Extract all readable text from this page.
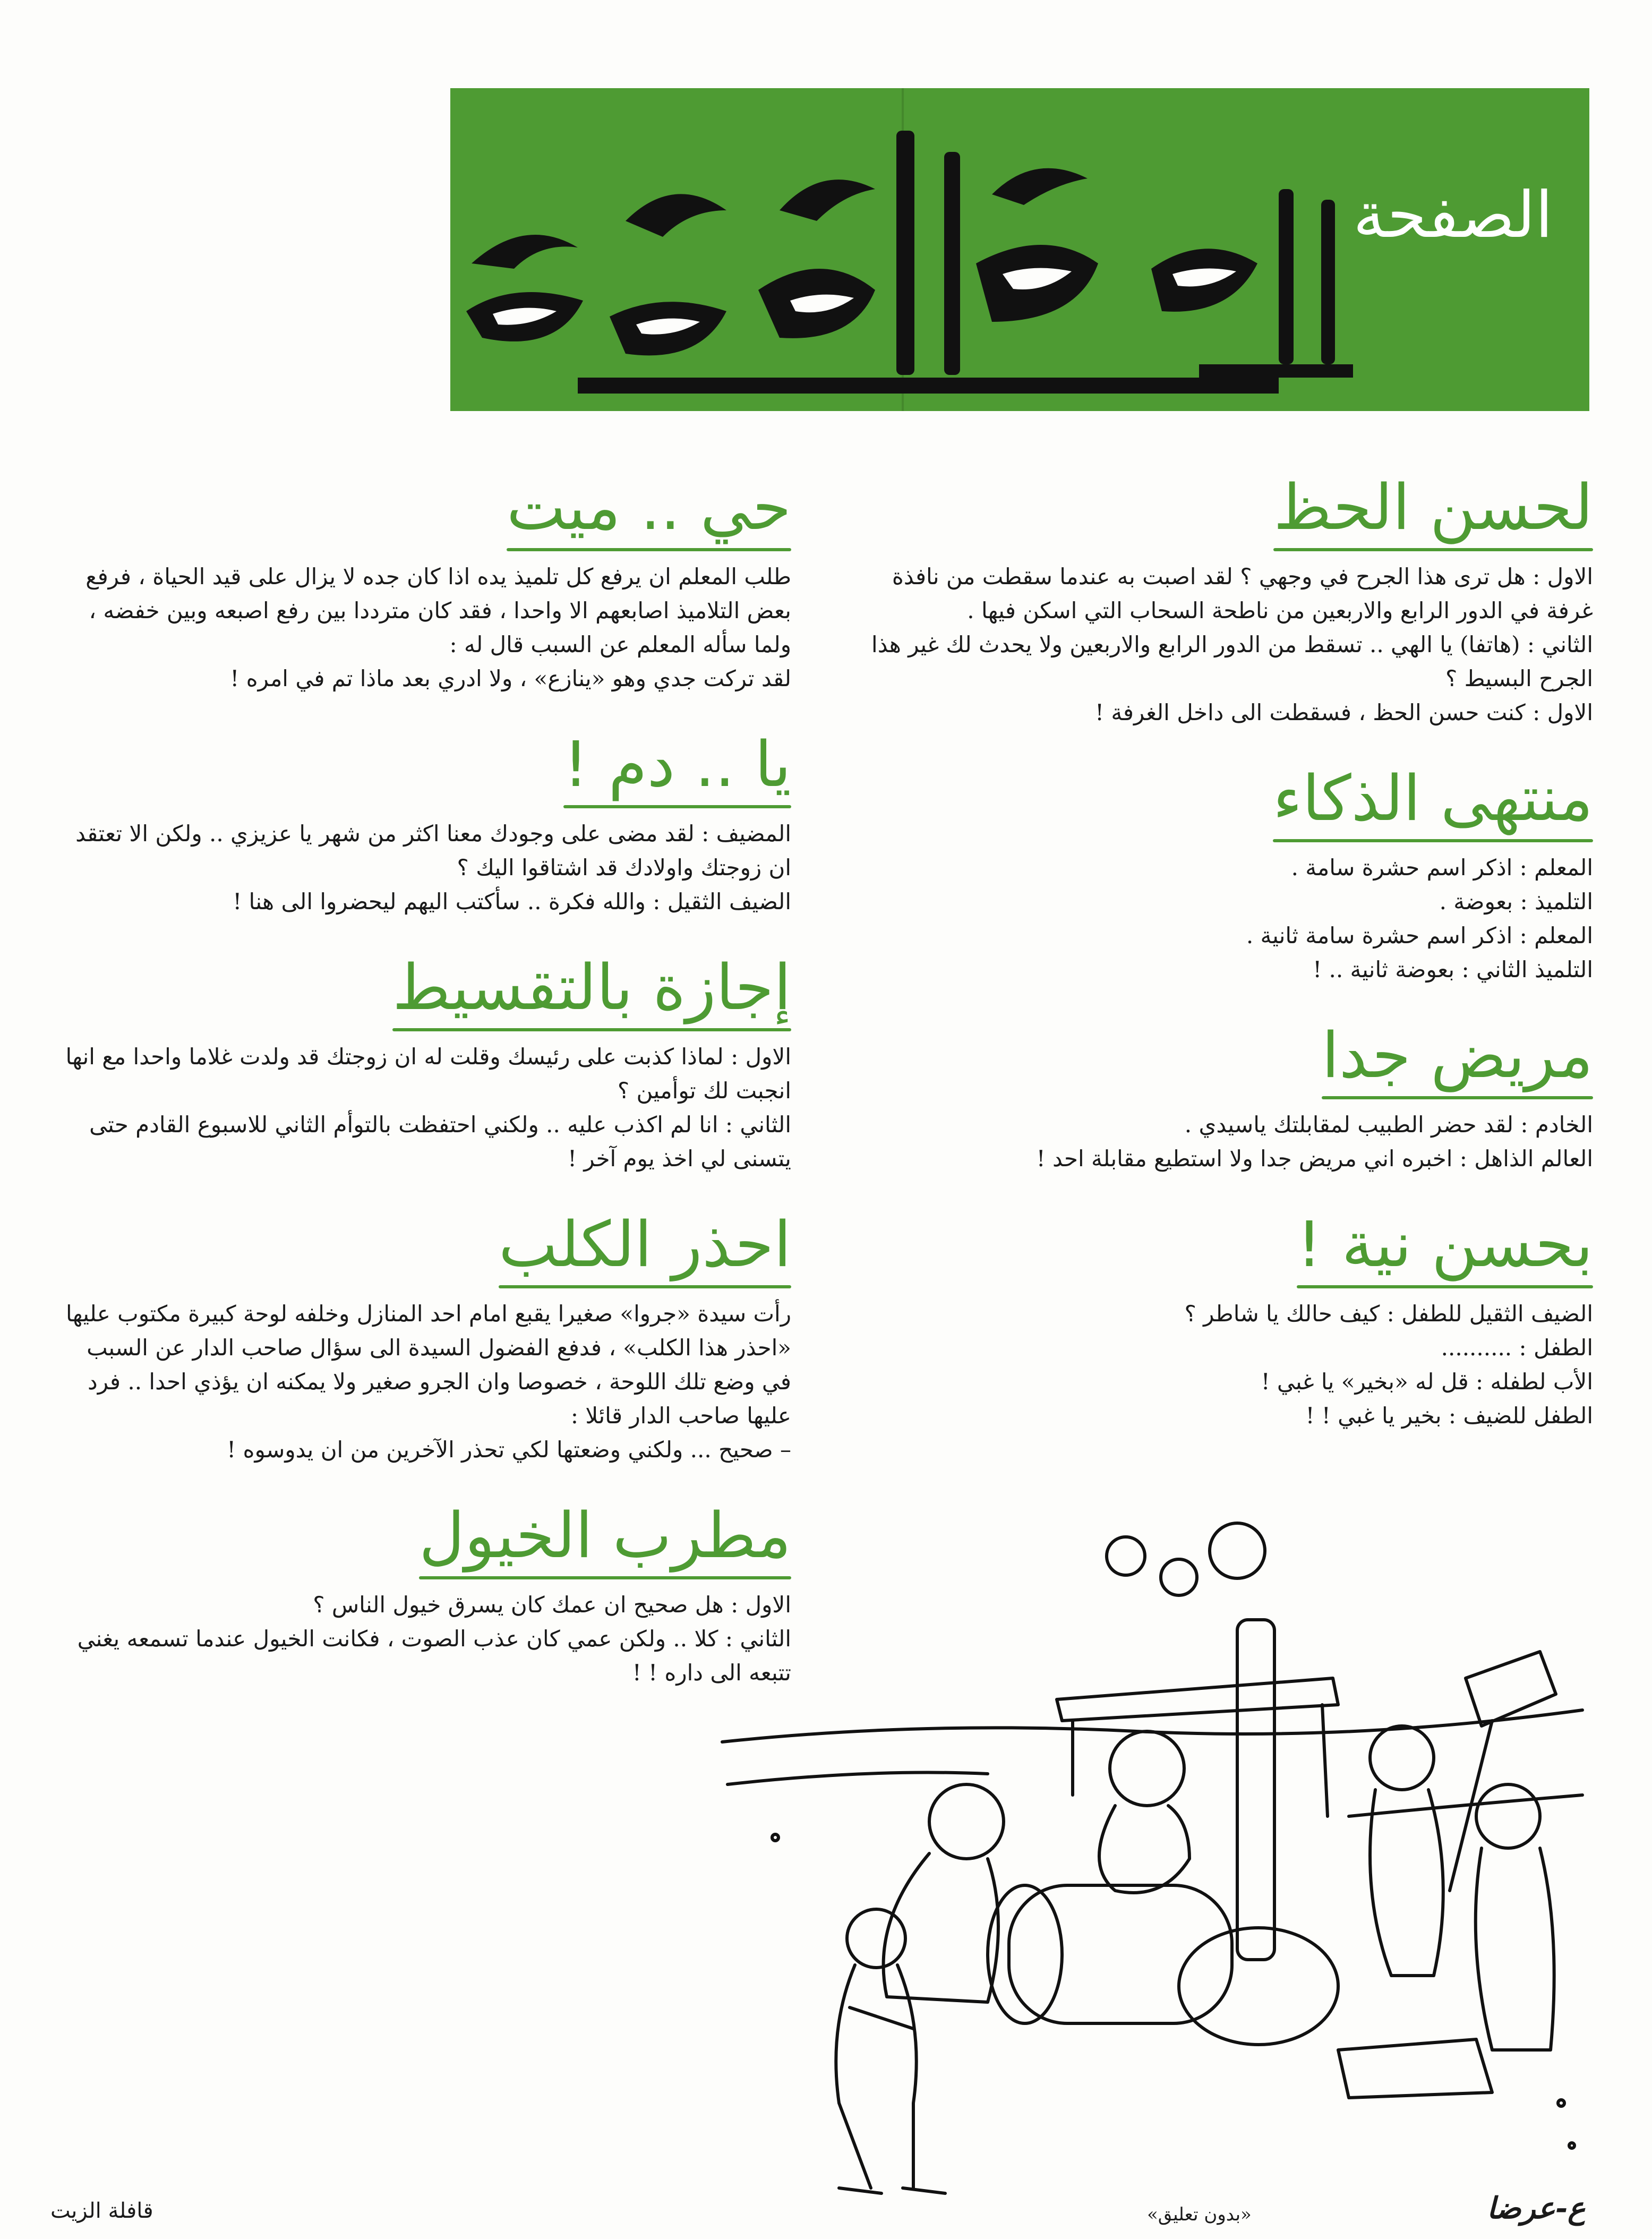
الصفحة
لحسن الحظ

الاول : هل ترى هذا الجرح في وجهي ؟ لقد اصبت به عندما سقطت من نافذة غرفة في الدور الرابع والاربعين من ناطحة السحاب التي اسكن فيها .

الثاني : (هاتفا) يا الهي .. تسقط من الدور الرابع والاربعين ولا يحدث لك غير هذا الجرح البسيط ؟

الاول : كنت حسن الحظ ، فسقطت الى داخل الغرفة !

منتهى الذكاء

المعلم : اذكر اسم حشرة سامة .

التلميذ : بعوضة .

المعلم : اذكر اسم حشرة سامة ثانية .

التلميذ الثاني : بعوضة ثانية .. !

مريض جدا

الخادم : لقد حضر الطبيب لمقابلتك ياسيدي .

العالم الذاهل : اخبره اني مريض جدا ولا استطيع مقابلة احد !

بحسن نية !

الضيف الثقيل للطفل : كيف حالك يا شاطر ؟

الطفل : ..........

الأب لطفله : قل له «بخير» يا غبي !

الطفل للضيف : بخير يا غبي ! !

حي .. ميت

طلب المعلم ان يرفع كل تلميذ يده اذا كان جده لا يزال على قيد الحياة ، فرفع بعض التلاميذ اصابعهم الا واحدا ، فقد كان مترددا بين رفع اصبعه وبين خفضه ، ولما سأله المعلم عن السبب قال له :

لقد تركت جدي وهو «ينازع» ، ولا ادري بعد ماذا تم في امره !

يا .. دم !

المضيف : لقد مضى على وجودك معنا اكثر من شهر يا عزيزي .. ولكن الا تعتقد ان زوجتك واولادك قد اشتاقوا اليك ؟

الضيف الثقيل : والله فكرة .. سأكتب اليهم ليحضروا الى هنا !

إجازة بالتقسيط

الاول : لماذا كذبت على رئيسك وقلت له ان زوجتك قد ولدت غلاما واحدا مع انها انجبت لك توأمين ؟

الثاني : انا لم اكذب عليه .. ولكني احتفظت بالتوأم الثاني للاسبوع القادم حتى يتسنى لي اخذ يوم آخر !

احذر الكلب

رأت سيدة «جروا» صغيرا يقبع امام احد المنازل وخلفه لوحة كبيرة مكتوب عليها «احذر هذا الكلب» ، فدفع الفضول السيدة الى سؤال صاحب الدار عن السبب في وضع تلك اللوحة ، خصوصا وان الجرو صغير ولا يمكنه ان يؤذي احدا .. فرد عليها صاحب الدار قائلا :

– صحيح ... ولكني وضعتها لكي تحذر الآخرين من ان يدوسوه !

مطرب الخيول

الاول : هل صحيح ان عمك كان يسرق خيول الناس ؟

الثاني : كلا .. ولكن عمي كان عذب الصوت ، فكانت الخيول عندما تسمعه يغني تتبعه الى داره ! !

«بدون تعليق»	ع-عرضا
قافلة الزيت
